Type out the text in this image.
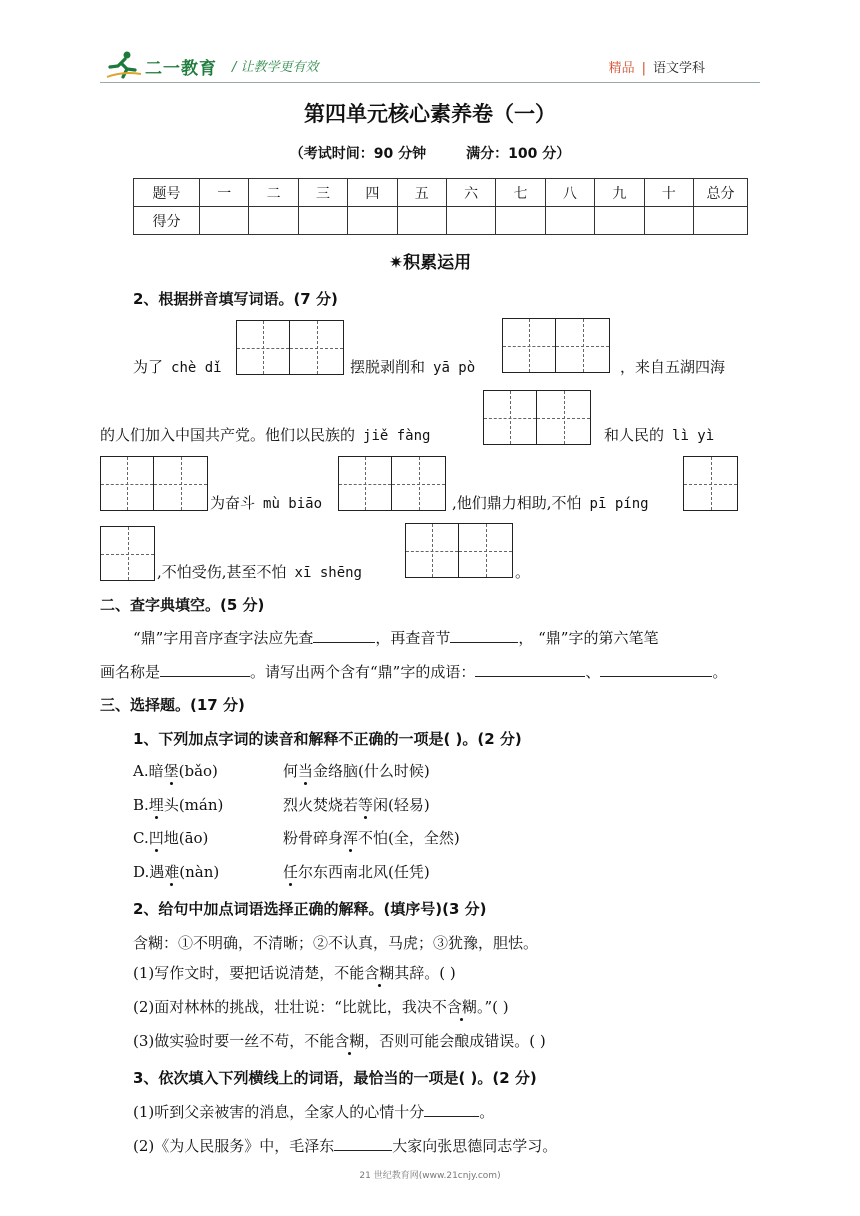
二一教育 / 让教学更有效	精品 | 语文学科
第四单元核心素养卷（一）
（考试时间：90 分钟	满分：100 分）
题号	一	二	三	四	五	六	七	八	九	十	总分
得分											
✷积累运用
2、根据拼音填写词语。(7 分)
为了 chè dǐ	摆脱剥削和 yā pò	，来自五湖四海
的人们加入中国共产党。他们以民族的 jiě fàng	和人民的 lì yì
为奋斗 mù biāo	,他们鼎力相助,不怕 pī píng
,不怕受伤,甚至不怕 xī shēng	。
二、查字典填空。(5 分)
“鼎”字用音序查字法应先查	，再查音节	， “鼎”字的第六笔笔
画名称是	。请写出两个含有“鼎”字的成语：	、	。
三、选择题。(17 分)
1、下列加点字词的读音和解释不正确的一项是( )。(2 分)
A.暗堡(bǎo)	何当金络脑(什么时候)
B.埋头(mán)	烈火焚烧若等闲(轻易)
C.凹地(āo)	粉骨碎身浑不怕(全，全然)
D.遇难(nàn)	任尔东西南北风(任凭)
2、给句中加点词语选择正确的解释。(填序号)(3 分)
含糊：①不明确，不清晰；②不认真，马虎；③犹豫，胆怯。
(1)写作文时，要把话说清楚，不能含糊其辞。( )
(2)面对林林的挑战，壮壮说：“比就比，我决不含糊。”( )
(3)做实验时要一丝不苟，不能含糊，否则可能会酿成错误。( )
3、依次填入下列横线上的词语，最恰当的一项是( )。(2 分)
(1)听到父亲被害的消息，全家人的心情十分	。
(2)《为人民服务》中，毛泽东	大家向张思德同志学习。
21 世纪教育网(www.21cnjy.com)
